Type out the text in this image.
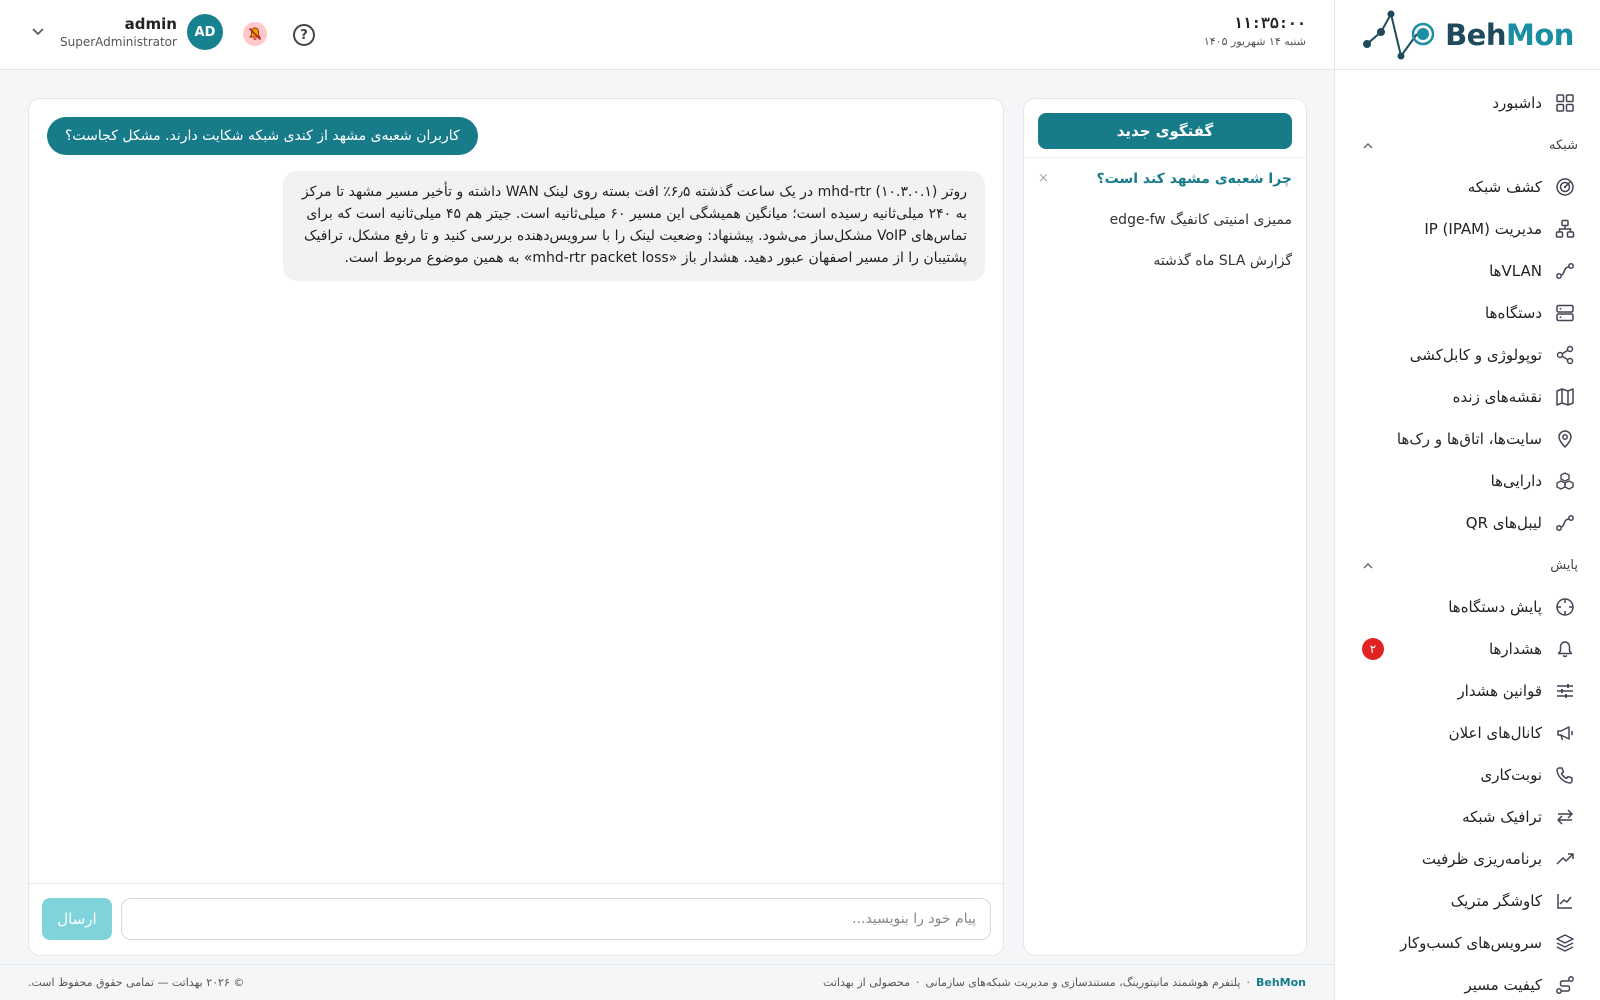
admin
SuperAdministrator
AD	?
۱۱:۳۵:۰۰
شنبه ۱۴ شهریور ۱۴۰۵	BehMon
داشبورد
شبکه
کشف شبکه
مدیریت IP (IPAM)
VLANها
دستگاه‌ها
توپولوژی و کابل‌کشی
نقشه‌های زنده
سایت‌ها، اتاق‌ها و رک‌ها
دارایی‌ها
لیبل‌های QR
پایش
پایش دستگاه‌ها
هشدارها
۲
قوانین هشدار
کانال‌های اعلان
نوبت‌کاری
ترافیک شبکه
برنامه‌ریزی ظرفیت
کاوشگر متریک
سرویس‌های کسب‌وکار
کیفیت مسیر
گفتگوی جدید
چرا شعبه‌ی مشهد کند است؟
×
ممیزی امنیتی کانفیگ edge-fw
گزارش SLA ماه گذشته
کاربران شعبه‌ی مشهد از کندی شبکه شکایت دارند. مشکل کجاست؟
روتر mhd-rtr (۱۰.۳.۰.۱) در یک ساعت گذشته ۶٫۵٪ افت بسته روی لینک WAN داشته و تأخیر مسیر مشهد تا مرکز به ۲۴۰ میلی‌ثانیه رسیده است؛ میانگین همیشگی این مسیر ۶۰ میلی‌ثانیه است. جیتر هم ۴۵ میلی‌ثانیه است که برای تماس‌های VoIP مشکل‌ساز می‌شود. پیشنهاد: وضعیت لینک را با سرویس‌دهنده بررسی کنید و تا رفع مشکل، ترافیک پشتیبان را از مسیر اصفهان عبور دهید. هشدار باز «mhd-rtr packet loss» به همین موضوع مربوط است.
ارسال
پیام خود را بنویسید...
BehMon
·
پلتفرم هوشمند مانیتورینگ، مستندسازی و مدیریت شبکه‌های سازمانی
·
محصولی از بهداتت
© ۲۰۲۶ بهداتت — تمامی حقوق محفوظ است.
